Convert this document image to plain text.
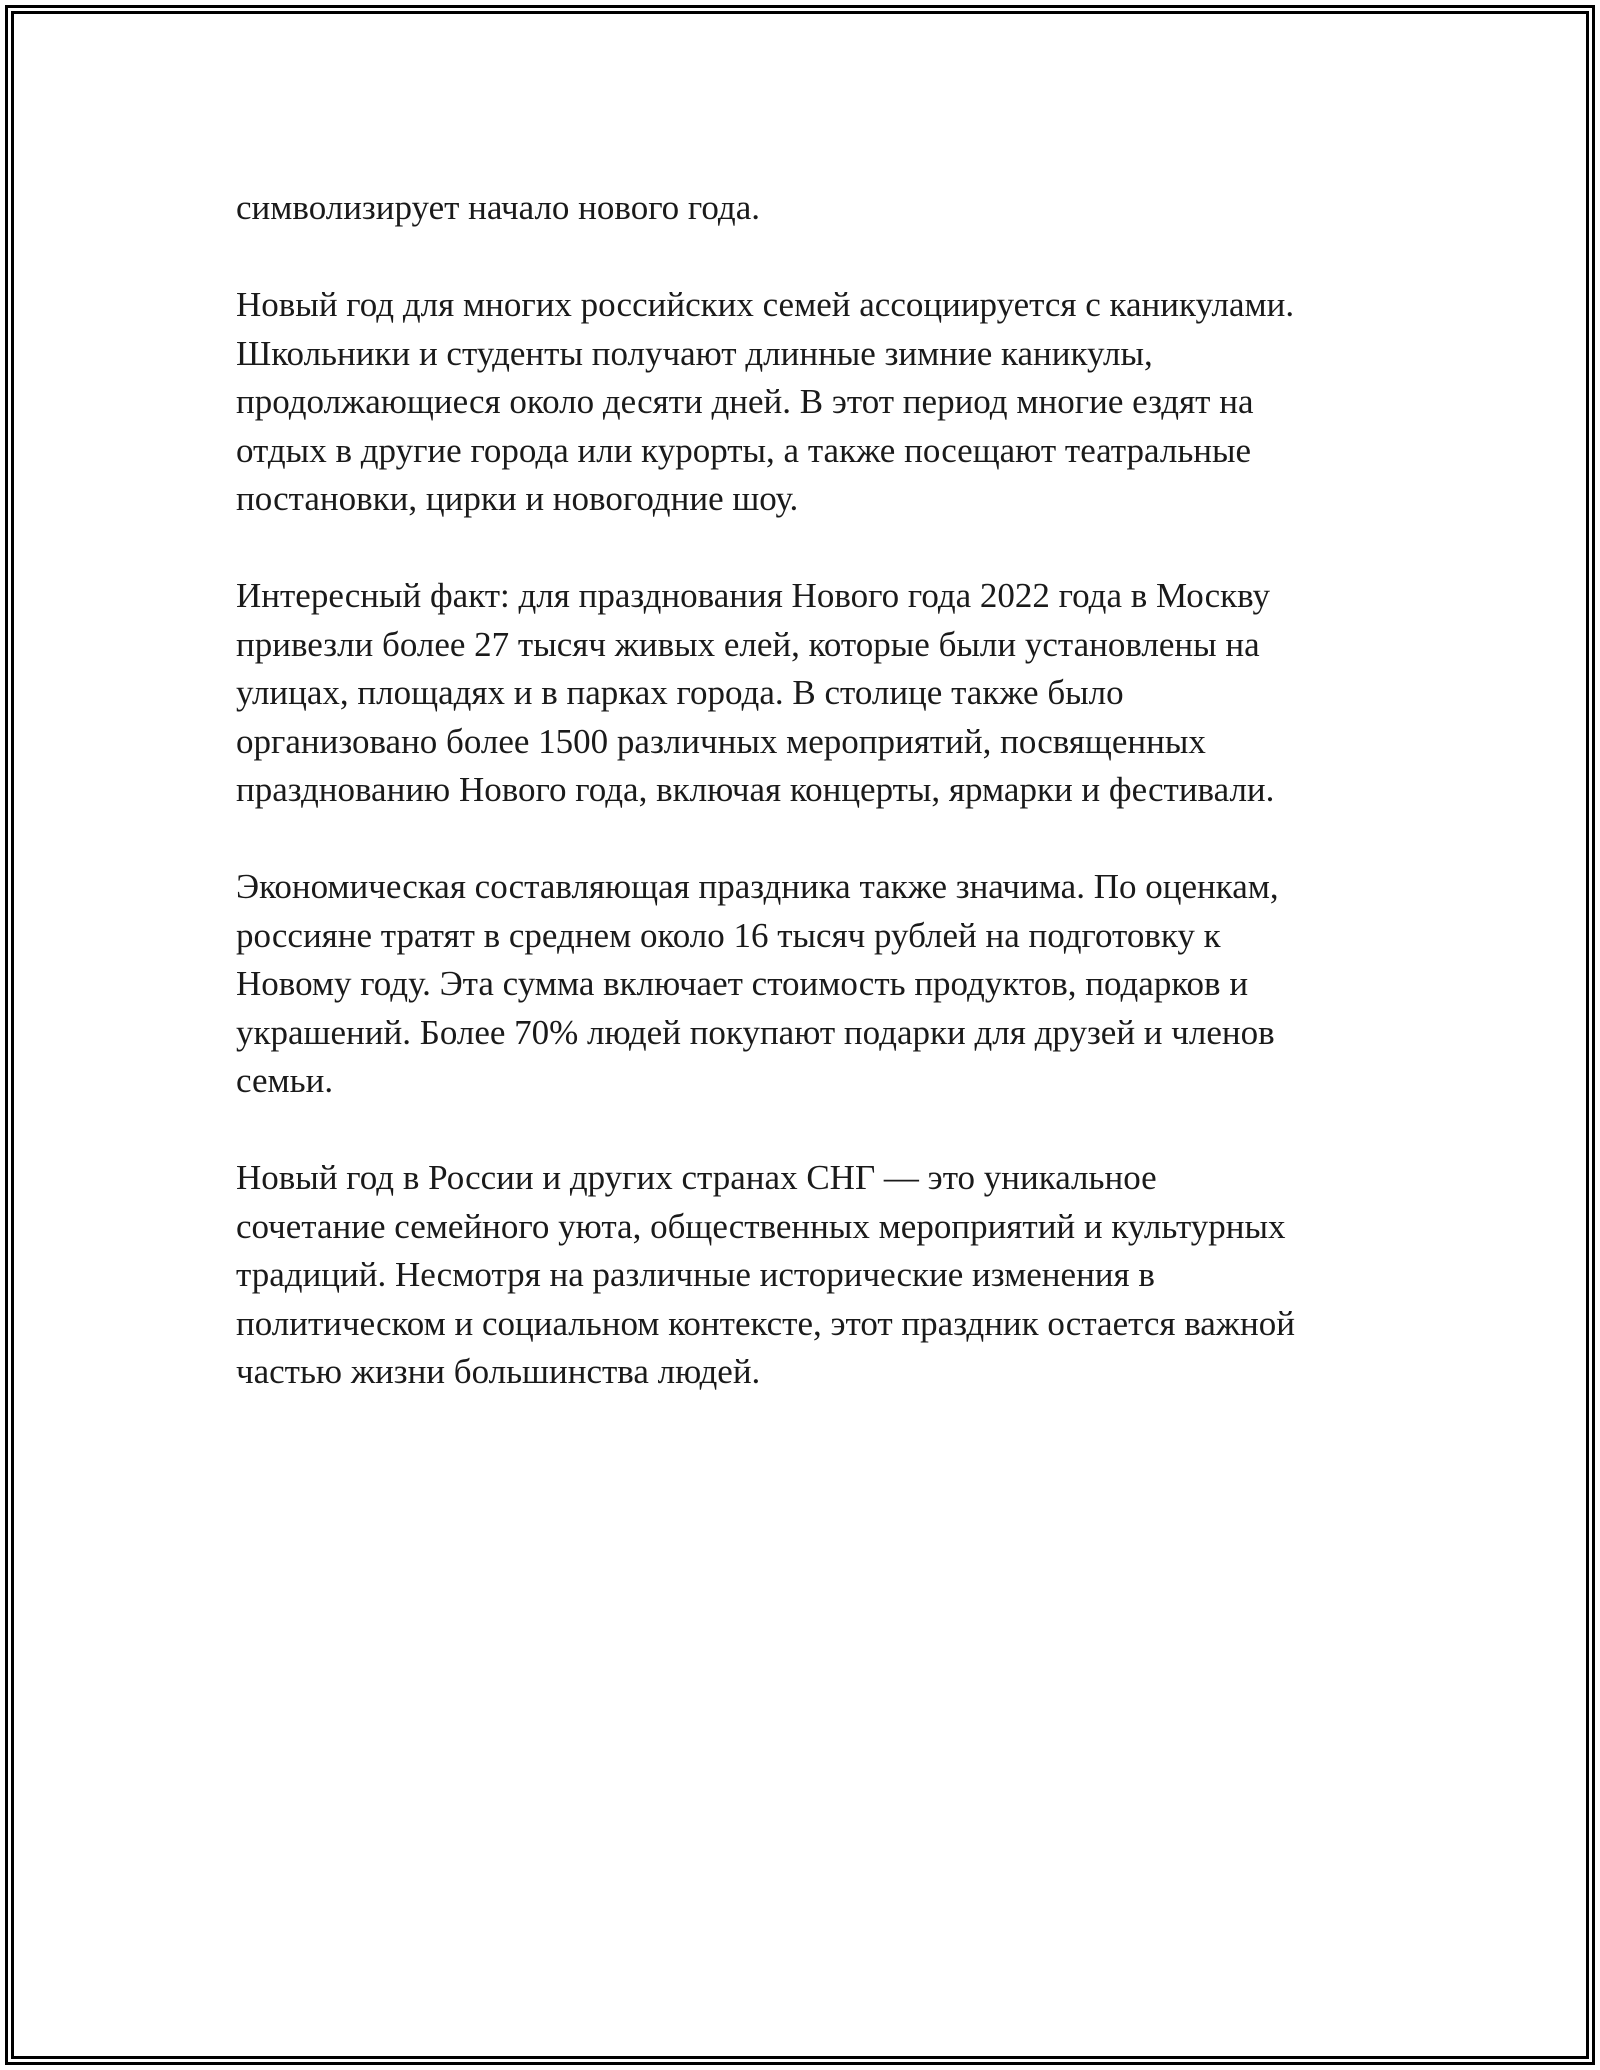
символизирует начало нового года.

Новый год для многих российских семей ассоциируется с каникулами.
Школьники и студенты получают длинные зимние каникулы,
продолжающиеся около десяти дней. В этот период многие ездят на
отдых в другие города или курорты, а также посещают театральные
постановки, цирки и новогодние шоу.

Интересный факт: для празднования Нового года 2022 года в Москву
привезли более 27 тысяч живых елей, которые были установлены на
улицах, площадях и в парках города. В столице также было
организовано более 1500 различных мероприятий, посвященных
празднованию Нового года, включая концерты, ярмарки и фестивали.

Экономическая составляющая праздника также значима. По оценкам,
россияне тратят в среднем около 16 тысяч рублей на подготовку к
Новому году. Эта сумма включает стоимость продуктов, подарков и
украшений. Более 70% людей покупают подарки для друзей и членов
семьи.

Новый год в России и других странах СНГ — это уникальное
сочетание семейного уюта, общественных мероприятий и культурных
традиций. Несмотря на различные исторические изменения в
политическом и социальном контексте, этот праздник остается важной
частью жизни большинства людей.
